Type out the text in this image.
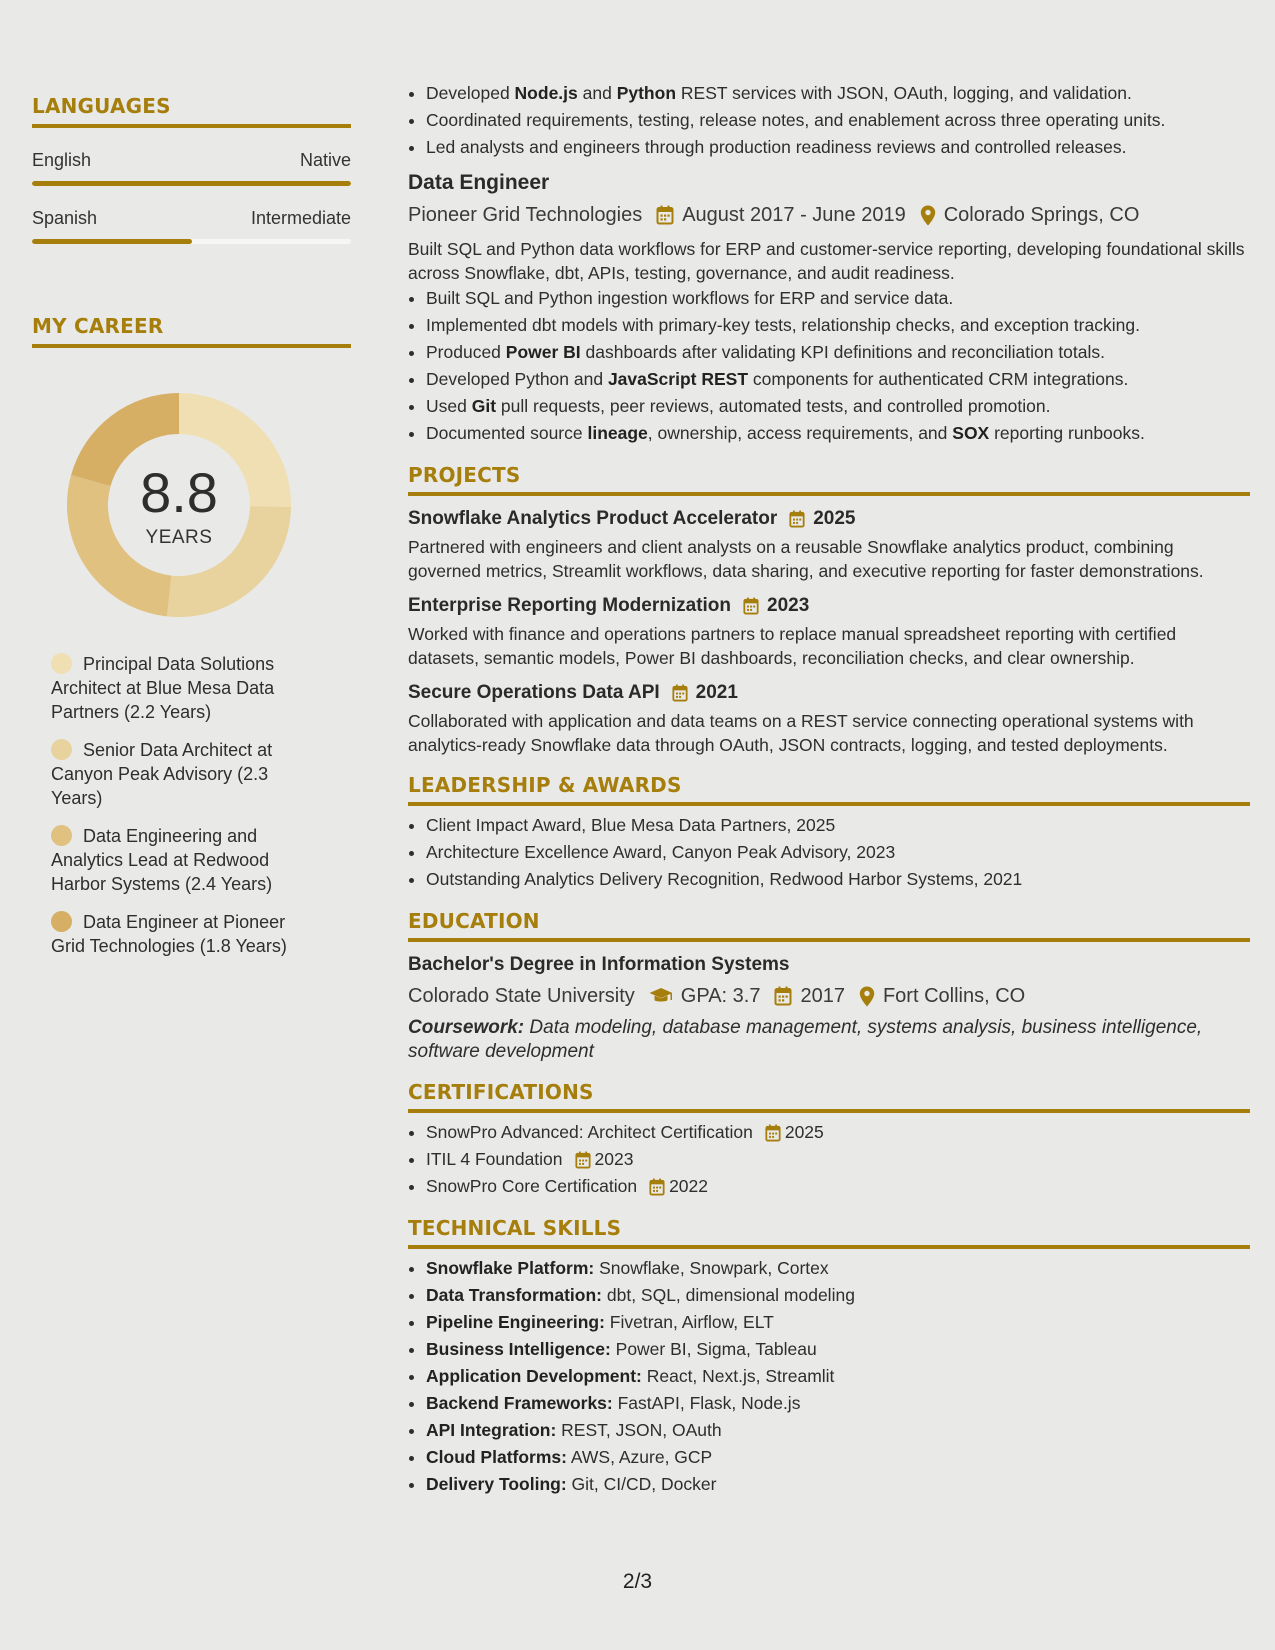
LANGUAGES
English	Native
Spanish	Intermediate
MY CAREER
8.8
YEARS
Principal Data Solutions Architect at Blue Mesa Data Partners (2.2 Years)
Senior Data Architect at Canyon Peak Advisory (2.3 Years)
Data Engineering and Analytics Lead at Redwood Harbor Systems (2.4 Years)
Data Engineer at Pioneer Grid Technologies (1.8 Years)
• Developed Node.js and Python REST services with JSON, OAuth, logging, and validation.
• Coordinated requirements, testing, release notes, and enablement across three operating units.
• Led analysts and engineers through production readiness reviews and controlled releases.
Data Engineer
Pioneer Grid Technologies August 2017 - June 2019 Colorado Springs, CO

Built SQL and Python data workflows for ERP and customer-service reporting, developing foundational skills across Snowflake, dbt, APIs, testing, governance, and audit readiness.

• Built SQL and Python ingestion workflows for ERP and service data.
• Implemented dbt models with primary-key tests, relationship checks, and exception tracking.
• Produced Power BI dashboards after validating KPI definitions and reconciliation totals.
• Developed Python and JavaScript REST components for authenticated CRM integrations.
• Used Git pull requests, peer reviews, automated tests, and controlled promotion.
• Documented source lineage, ownership, access requirements, and SOX reporting runbooks.
PROJECTS
Snowflake Analytics Product Accelerator 2025

Partnered with engineers and client analysts on a reusable Snowflake analytics product, combining governed metrics, Streamlit workflows, data sharing, and executive reporting for faster demonstrations.

Enterprise Reporting Modernization 2023

Worked with finance and operations partners to replace manual spreadsheet reporting with certified datasets, semantic models, Power BI dashboards, reconciliation checks, and clear ownership.

Secure Operations Data API 2021

Collaborated with application and data teams on a REST service connecting operational systems with analytics-ready Snowflake data through OAuth, JSON contracts, logging, and tested deployments.

LEADERSHIP & AWARDS
• Client Impact Award, Blue Mesa Data Partners, 2025
• Architecture Excellence Award, Canyon Peak Advisory, 2023
• Outstanding Analytics Delivery Recognition, Redwood Harbor Systems, 2021
EDUCATION
Bachelor's Degree in Information Systems
Colorado State University GPA: 3.7 2017 Fort Collins, CO

Coursework: Data modeling, database management, systems analysis, business intelligence, software development

CERTIFICATIONS
• SnowPro Advanced: Architect Certification 2025
• ITIL 4 Foundation 2023
• SnowPro Core Certification 2022
TECHNICAL SKILLS
• Snowflake Platform: Snowflake, Snowpark, Cortex
• Data Transformation: dbt, SQL, dimensional modeling
• Pipeline Engineering: Fivetran, Airflow, ELT
• Business Intelligence: Power BI, Sigma, Tableau
• Application Development: React, Next.js, Streamlit
• Backend Frameworks: FastAPI, Flask, Node.js
• API Integration: REST, JSON, OAuth
• Cloud Platforms: AWS, Azure, GCP
• Delivery Tooling: Git, CI/CD, Docker
2/3
